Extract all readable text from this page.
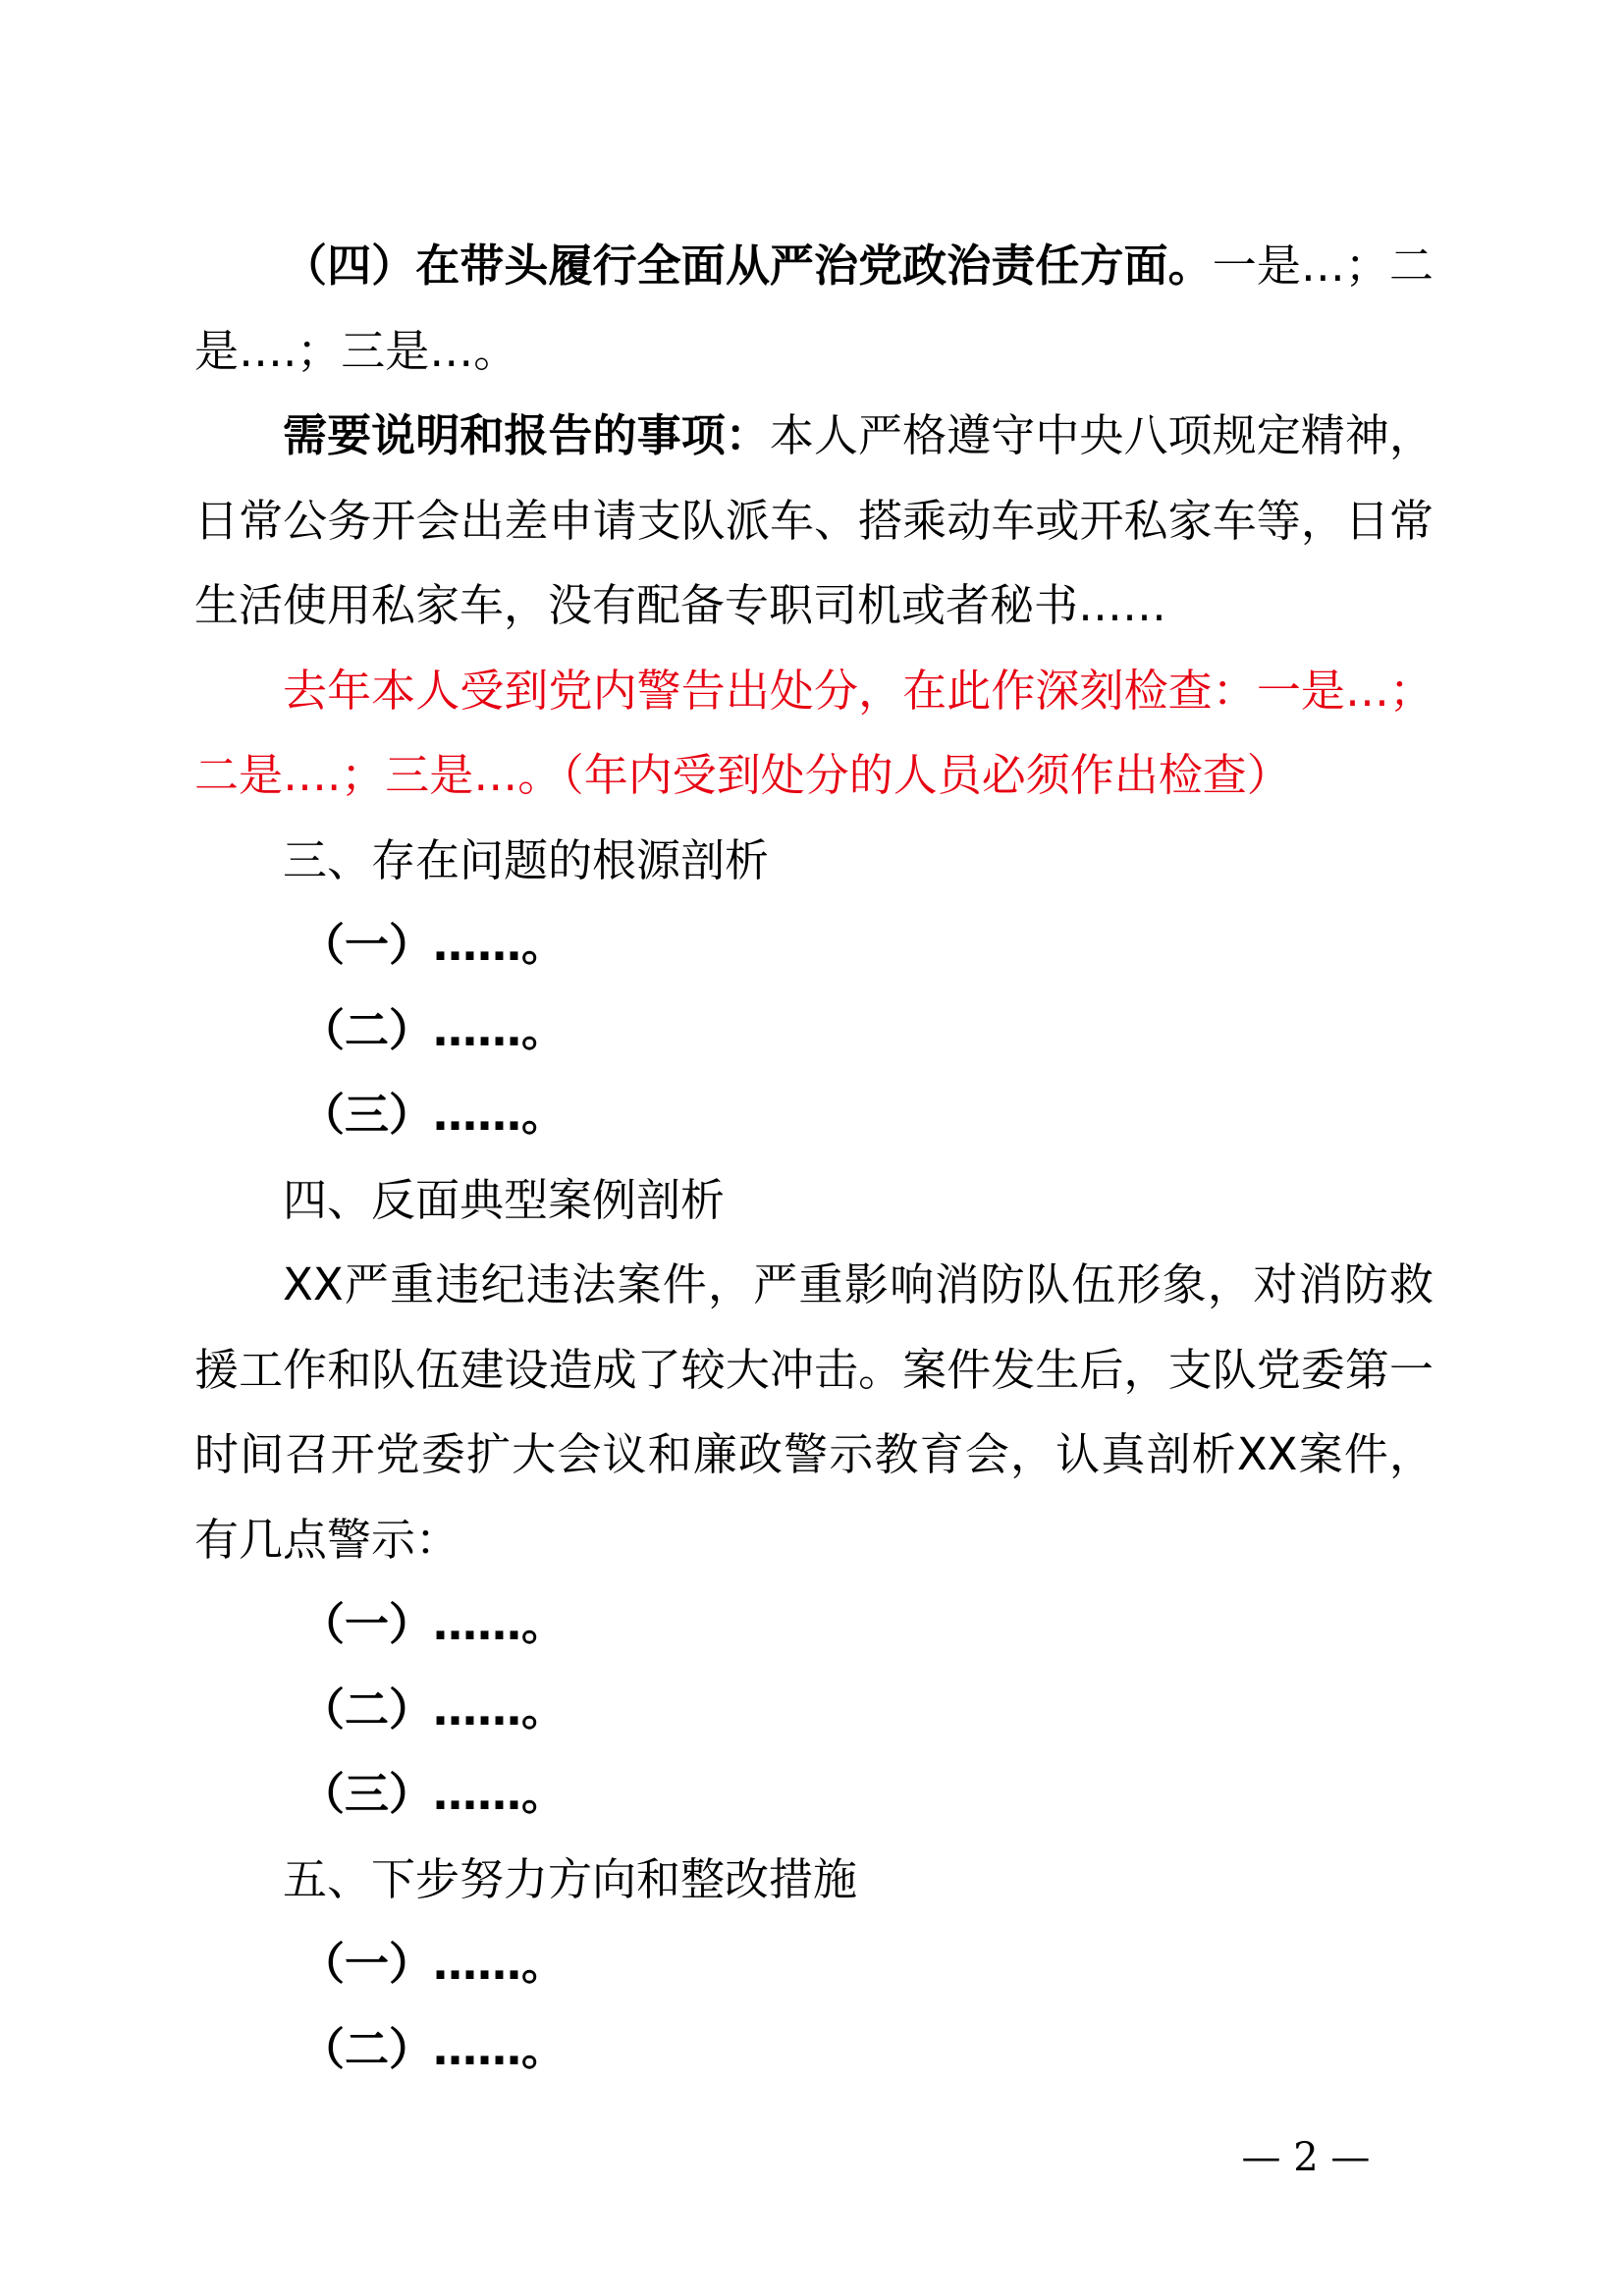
（四）在带头履行全面从严治党政治责任方面。一是…；二是….；三是…。

需要说明和报告的事项：本人严格遵守中央八项规定精神，日常公务开会出差申请支队派车、搭乘动车或开私家车等，日常生活使用私家车，没有配备专职司机或者秘书……

去年本人受到党内警告出处分，在此作深刻检查：一是…；二是….；三是…。（年内受到处分的人员必须作出检查）

三、存在问题的根源剖析

（一）……。

（二）……。

（三）……。

四、反面典型案例剖析

XX严重违纪违法案件，严重影响消防队伍形象，对消防救援工作和队伍建设造成了较大冲击。案件发生后，支队党委第一时间召开党委扩大会议和廉政警示教育会，认真剖析XX案件，有几点警示：

（一）……。

（二）……。

（三）……。

五、下步努力方向和整改措施

（一）……。

（二）……。

— 2 —
